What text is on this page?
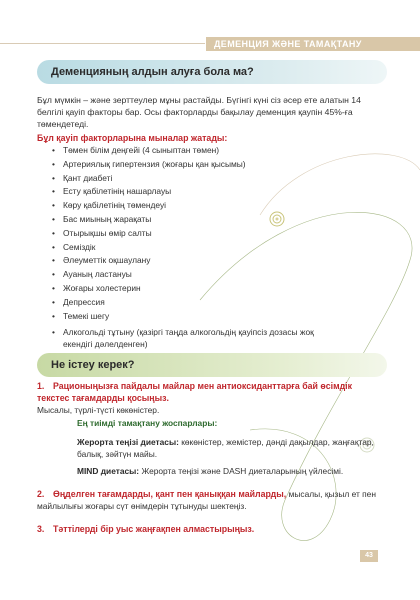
ДЕМЕНЦИЯ ЖӘНЕ ТАМАҚТАНУ
Деменцияның алдын алуға бола ма?
Бұл мүмкін – және зерттеулер мұны растайды. Бүгінгі күні сіз әсер ете алатын 14 белгілі қауіп факторы бар. Осы факторларды бақылау деменция қаупін 45%-ға төмендетеді.
Бұл қауіп факторларына мыналар жатады:
• Төмен білім деңгейі (4 сыныптан төмен)
• Артериялық гипертензия (жоғары қан қысымы)
• Қант диабеті
• Есту қабілетінің нашарлауы
• Көру қабілетінің төмендеуі
• Бас миының жарақаты
• Отырықшы өмір салты
• Семіздік
• Әлеуметтік оқшаулану
• Ауаның ластануы
• Жоғары холестерин
• Депрессия
• Темекі шегу
• Алкогольді тұтыну (қазіргі таңда алкогольдің қауіпсіз дозасы жоқ екендігі дәлелденген)
Не істеу керек?
1. Рационыңызға пайдалы майлар мен антиоксиданттарға бай өсімдік текстес тағамдарды қосыңыз.
Мысалы, түрлі-түсті көкөністер.
Ең тиімді тамақтану жоспарлары:
Жерорта теңізі диетасы: көкөністер, жемістер, дәнді дақылдар, жаңғақтар, балық, зәйтүн майы.
MIND диетасы: Жерорта теңізі және DASH диеталарының үйлесімі.
2. Өңделген тағамдарды, қант пен қаныққан майларды, мысалы, қызыл ет пен майлылығы жоғары сүт өнімдерін тұтынуды шектеңіз.
3. Тәттілерді бір уыс жаңғақпен алмастырыңыз.
43
